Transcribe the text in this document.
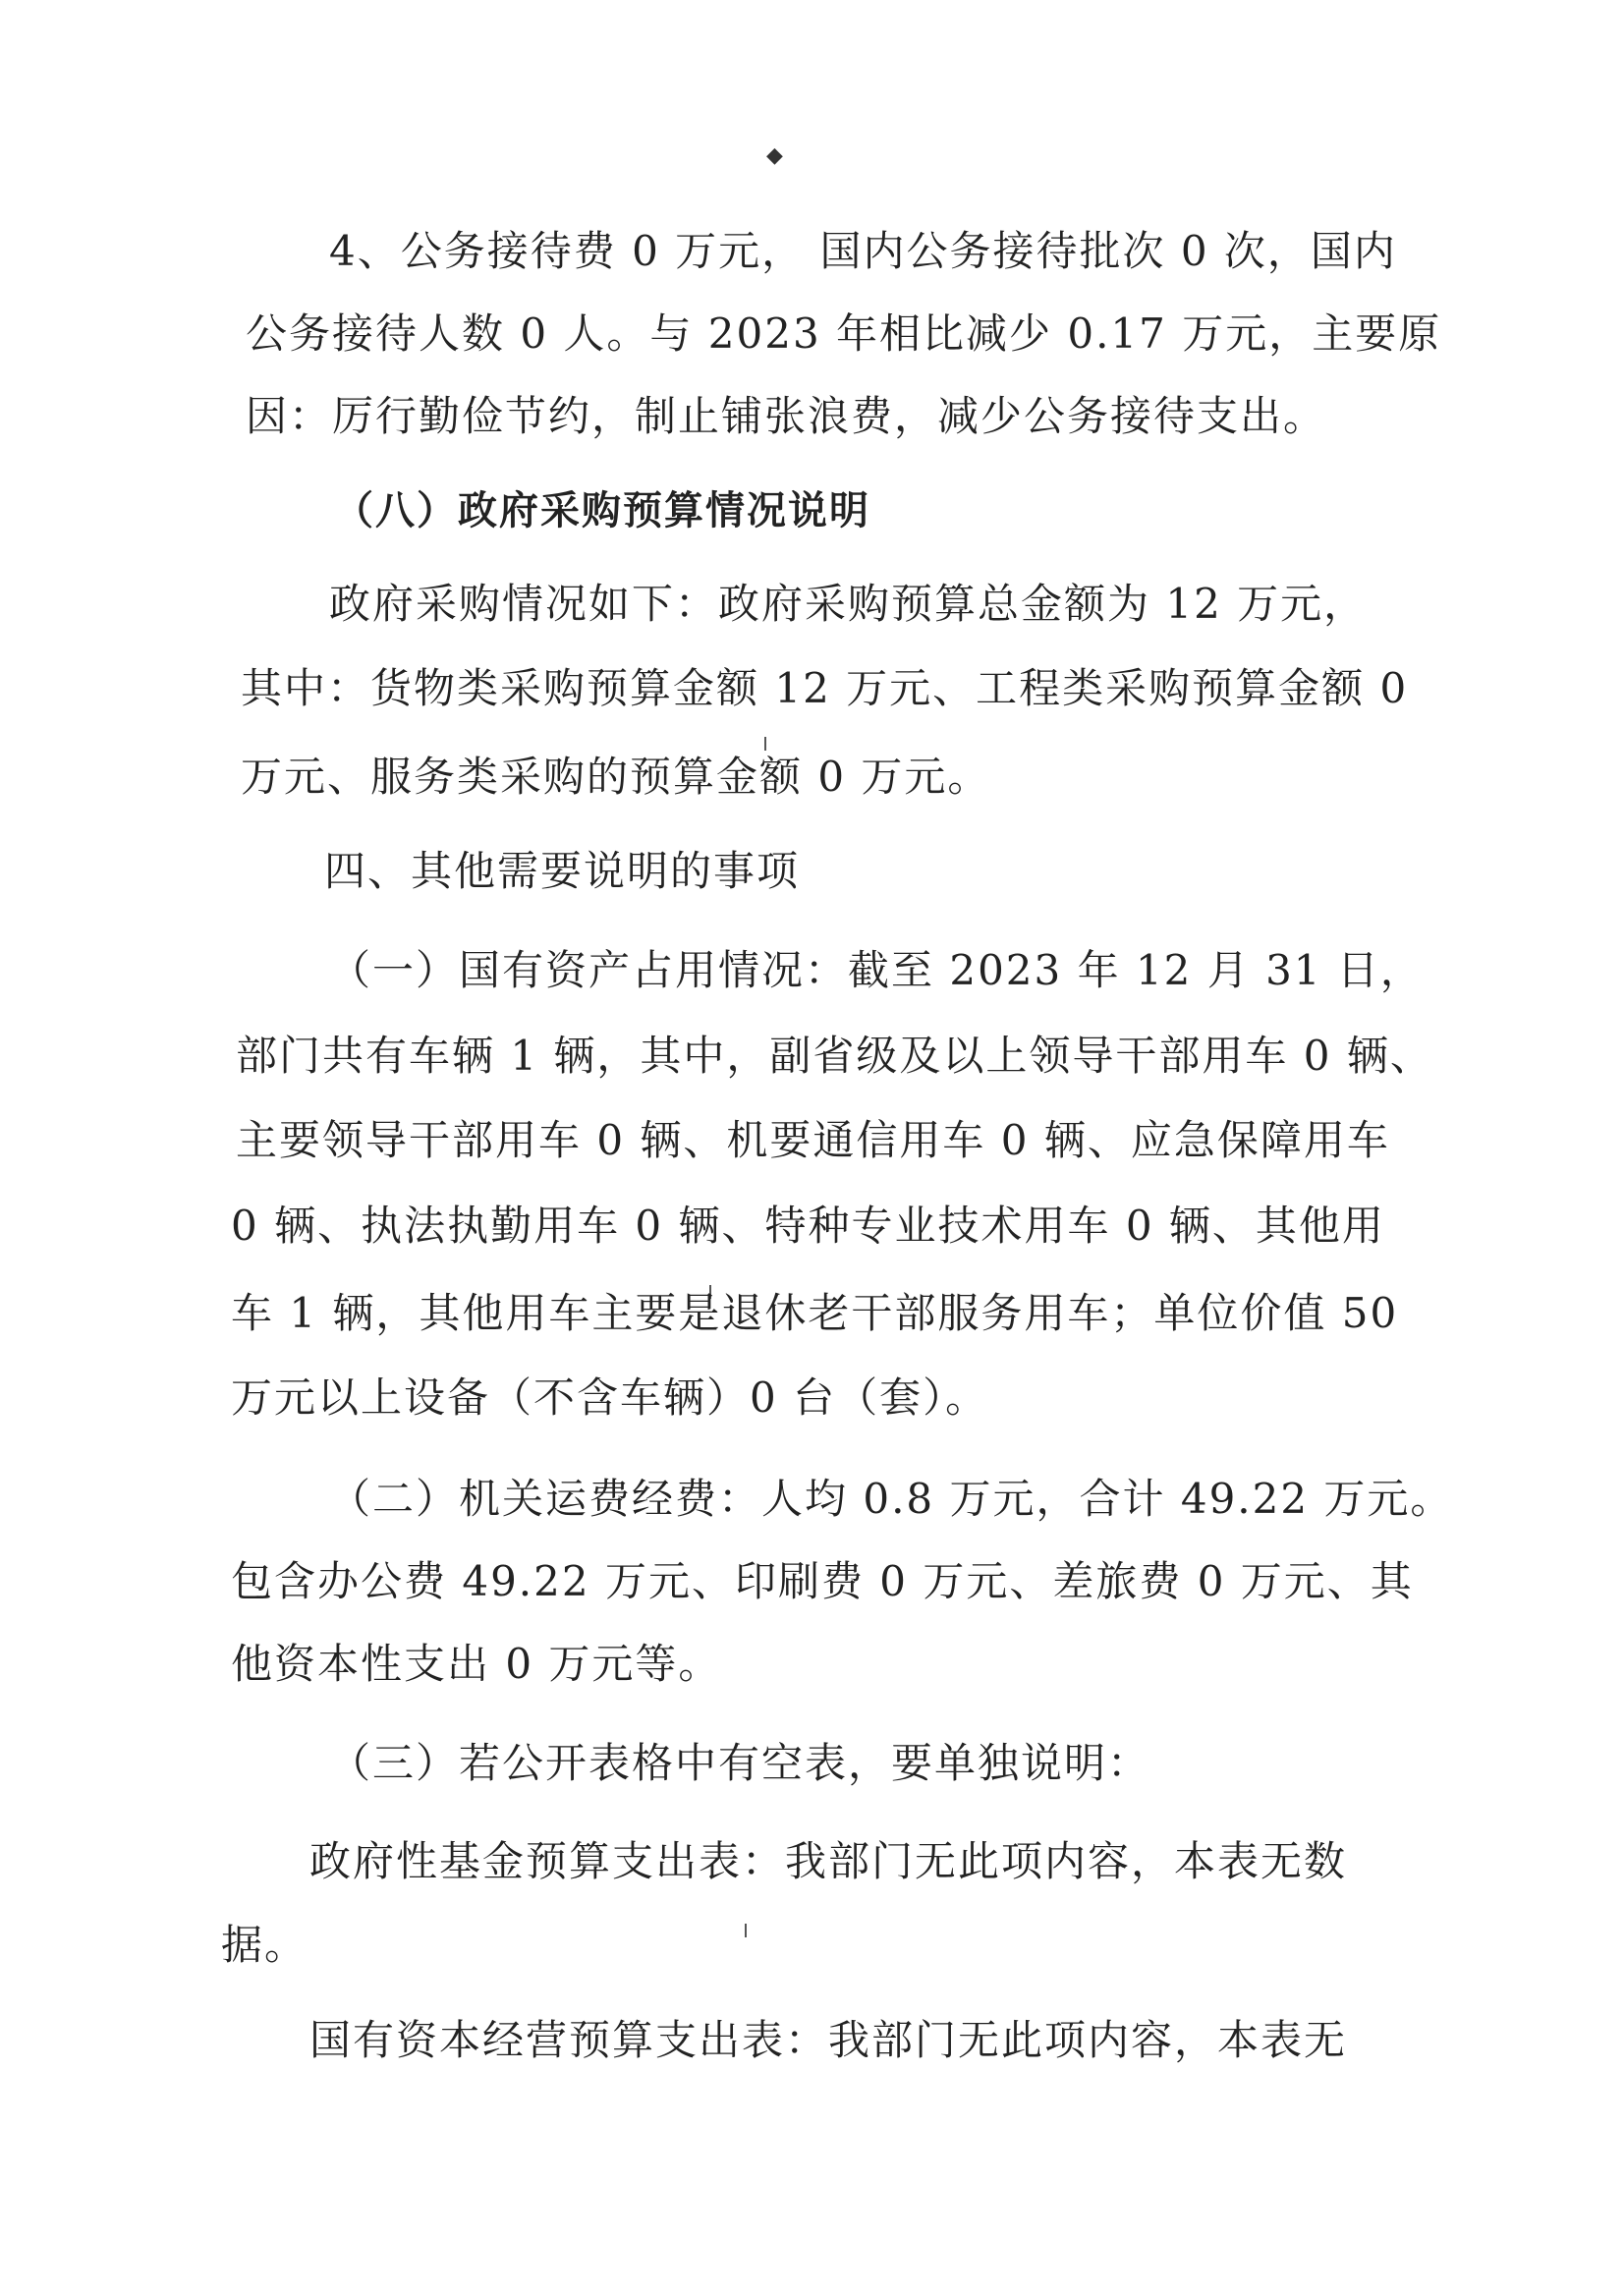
◆
4、公务接待费 0 万元， 国内公务接待批次 0 次，国内
公务接待人数 0 人。与 2023 年相比减少 0.17 万元，主要原
因：厉行勤俭节约，制止铺张浪费，减少公务接待支出。
（八）政府采购预算情况说明
政府采购情况如下：政府采购预算总金额为 12 万元，
其中：货物类采购预算金额 12 万元、工程类采购预算金额 0
万元、服务类采购的预算金额 0 万元。
四、其他需要说明的事项
（一）国有资产占用情况：截至 2023 年 12 月 31 日，
部门共有车辆 1 辆，其中，副省级及以上领导干部用车 0 辆、
主要领导干部用车 0 辆、机要通信用车 0 辆、应急保障用车
0 辆、执法执勤用车 0 辆、特种专业技术用车 0 辆、其他用
车 1 辆，其他用车主要是退休老干部服务用车；单位价值 50
万元以上设备（不含车辆）0 台（套）。
（二）机关运费经费：人均 0.8 万元，合计 49.22 万元。
包含办公费 49.22 万元、印刷费 0 万元、差旅费 0 万元、其
他资本性支出 0 万元等。
（三）若公开表格中有空表，要单独说明：
政府性基金预算支出表：我部门无此项内容，本表无数
据。
国有资本经营预算支出表：我部门无此项内容，本表无
